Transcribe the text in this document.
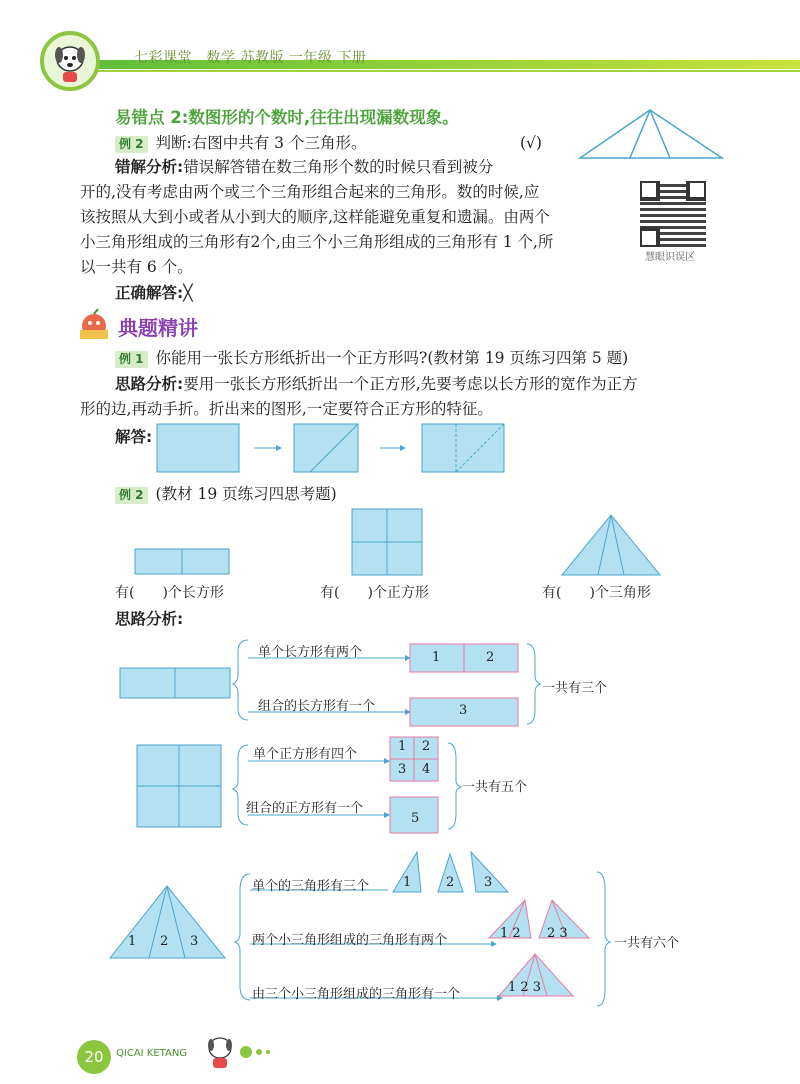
七彩课堂　数学 苏教版 一年级 下册
易错点 2:数图形的个数时,往往出现漏数现象。
例 2 判断:右图中共有 3 个三角形。	(√)
错解分析:错误解答错在数三角形个数的时候只看到被分
开的,没有考虑由两个或三个三角形组合起来的三角形。数的时候,应
该按照从大到小或者从小到大的顺序,这样能避免重复和遗漏。由两个
小三角形组成的三角形有2个,由三个小三角形组成的三角形有 1 个,所
以一共有 6 个。
正确解答:╳
慧眼识误区
典题精讲
例 1 你能用一张长方形纸折出一个正方形吗?(教材第 19 页练习四第 5 题)
思路分析:要用一张长方形纸折出一个正方形,先要考虑以长方形的宽作为正方
形的边,再动手折。折出来的图形,一定要符合正方形的特征。
解答:
例 2 (教材 19 页练习四思考题)
有(　　)个长方形	有(　　)个正方形	有(　　)个三角形
思路分析:
单个长方形有两个
组合的长方形有一个
1	2
3
一共有三个
单个正方形有四个
组合的正方形有一个
1 2
3 4
5
一共有五个
1 2 3
单个的三角形有三个
两个小三角形组成的三角形有两个
由三个小三角形组成的三角形有一个
1	2 3
1 2 2 3
1 2 3
一共有六个
20	QICAI KETANG
